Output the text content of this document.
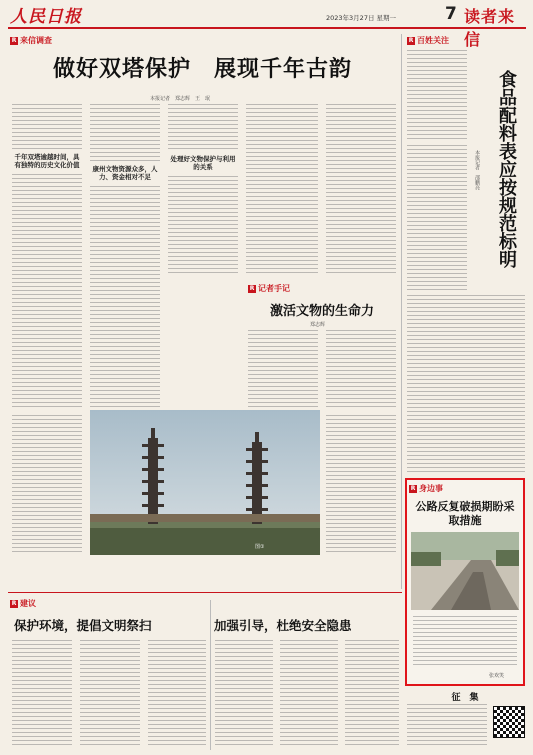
人民日报	2023年3月27日 星期一	7 读者来信
R 来信调查
做好双塔保护　展现千年古韵
本报记者　郑志辉　王　珉
千年双塔逾越时间，具有独特的历史文化价值	康州文物资源众多，人力、资金相对不足
处理好文物保护与利用的关系
图①
R 记者手记
激活文物的生命力
郑志辉
R 百姓关注
食品配料表应按规范标明
本报记者　邵鹏亮
R 身边事
公路反复破损期盼采取措施
张欢笑
R 建议
保护环境，提倡文明祭扫	加强引导，杜绝安全隐患
征　集
